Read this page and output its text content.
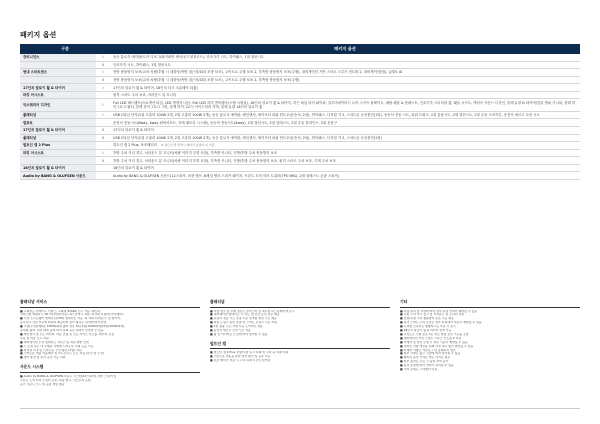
패키지 옵션
구분		패키지 옵션
컨비니언스	Ⅰ	동승 통로식 예약판(도어 디포그/와이퍼면 센서/공기청정모드), 인조가죽 시트, 하이패스, 1열 열선시트
	Ⅱ	인조가죽 시트, 하이패스, 1열 열선시트
현대 스마트센스	Ⅰ	전방 충돌방지 보조(교차 차량/추월 시 대향차/측방 접근차/회피 조향 보조), 고속도로 주행 보조 2, 후측방 충돌방지 보조(주행), 내비게이션 기반 스마트 크루즈 컨트롤 2, 내비게이션(맵), 클레오 AI
	Ⅱ	전방 충돌방지 보조(교차 차량/추월 시 대향차/측방 접근차/회피 조향 보조), 고속도로 주행 보조 2, 후측방 충돌방지 보조(주행)
17인치 알로이 휠 & 타이어	Ⅰ	17인치 알로이 휠 & 타이어, 18인치 다크 크롬메이크(휠)
파킹 어시스트		원격 스마트 주차 보조, 서라운드 뷰 모니터
익스테리어 디자인	Ⅰ	Full LED 헤드램프(프로젝션 타입, LED 방향지시등), Full LED 리어 콤비램프(스텝 시퀀셜), 18인치 알로이 휠 & 타이어, 히든 타입 리어 와이퍼, 일루미네이티드 도어 스커프 플레이트, 메탈 페달 & 풋레스트, 인조가죽 스티어링 휠, 패들 시프트, 액티브 사운드 디자인, 블랙 유광 D 타이어/앞뒤 범퍼 가니쉬, 블랙 하이그로시 필러, 블랙 하이그로시 그릴, 블랙 하이그로시 사이드미러 커버, 블랙 유광 18인치 알로이 휠
플래티넘	Ⅰ	USB C타입 단자(1열 고출력 100W 2개, 2열 고출력 100W 2개), 동승 통로식 예약판, 레인센서, 세이프티 파워 윈도우(동승석, 2열), 하이패스, 디지털 키 2, 스마트폰 무선충전(1열), 동승석 전동 시트, 파워 트렁크, 1열 통풍시트, 2열 열선시트, 2열 수동 도어커튼, 운전석 에르고 모션 시트
컴포트		운전석 전동시트(8way, 4way 럼버서포트, 자세 메모리 시스템), 동승석 전동시트(4way), 2열 열선시트, 2열 암레스트, 2열 수동 블라인드, 2열 송풍구
17인치 알로이 휠 & 타이어	Ⅱ	17인치 알로이 휠 & 타이어
플래티넘	Ⅱ	USB C타입 단자(1열 고출력 100W 2개, 2열 고출력 100W 2개), 동승 통로식 예약판, 레인센서, 세이프티 파워 윈도우(동승석, 2열), 하이패스, 디지털 키 2, 스마트폰 무선충전(1열)
빌트인 캠 2 Plus		빌트인 캠 2 Plus, 보조배터리 ※ 빌트인 캠 선택시 배터리 용량이 더 커짐
파킹 어시스트	Ⅰ	후방 주차 거리 경고, 서라운드 뷰 모니터(차량 이미지 투명 포함), 후측방 모니터, 전방/후방 주차 충돌방지 보조
	Ⅱ	후방 주차 거리 경고, 서라운드 뷰 모니터(차량 이미지 투명 포함), 후측방 모니터, 전방/후방 주차 충돌방지 보조, 원격 스마트 주차 보조, 기계 주차 보조
18인치 알로이 휠 & 타이어		18인치 알로이 휠 & 타이어
Audio by BANG & OLUFSEN 사운드		Audio by BANG & OLUFSEN 사운드(12스피커, 외장 앰프, 8채널 센터 스피커 패키지, 프론트 도어 미러 트위터(TPO IMG), 2열 암레스트 콘솔 스피커)
플래티넘 서비스
■ 고해상도 커넥티드 서비스, 고화질 STARS 모드 가능, 레인지,
서비스의 업데이트 3D 미디어(어라운드뷰) 선택시 지원, 미국의 지원(한국어/영어)
■ 무상 소프트웨어 업데이트(OTA) 업데이트 가능, 최 적의 디렉토리, 및 알리미,
블루링크 가입 이후에 한하여 제공되며 일부 항목은 위성에 따라 한정
■ 직결(무선)(제외), 100W(최대 출력 전류 5A) 1열(100W/2개)/2열(100W/2개)
장치의 출력, 전력 배정 등에 따라 실제 공급 전력이 달라질 수 있음
■ 레인센서 및 오토 와이퍼, 자동 조명 및 오토 라이트 컨트롤, 레이저 보정
수동 및 자동 모드 지원
■ 내비게이션 무선 업데이트 서비스 및 지원 방법 안내
■ 무 조정 혹은 내 주행을 가볍게 느끼도록 주행 도움 기능
■ 디지털 키 2 및 스마트폰 무선 충전 (1열) 지원
■ 스마트폰 애플 카플레이 및 안드로이드 오토 지원 (유선 및 무선)
■ 예약 충전 및 원격 공조 기능 지원
사운드 시스템
■ Audio by BANG & OLUFSEN 사운드 시스템(12스피커), 센터 스피커 및
프론트 도어 미러 트위터 포함, 외장 앰프, 서브우퍼 포함,
공간 사운드 모드 및 음장 세팅 제공
플래티넘
■ 차량 정보 및 주행 정보는 클러스터 및 헤드업 디스플레이에 표시
■ 내비게이션 업데이트 시 지도 및 안전 운전 정보 제공
■ 동승석 전동 시트 조정 기능 및 2열 열선 시트 제공
■ 파워 트렁크 높이 조절 및 스마트 트렁크 기능 지원
■ 1열 통풍 시트, 2열 수동 도어커튼 적용
■ 운전석 에르고 모션 시트 적용
■ 휠 및 타이어는 트림에 따라 상이할 수 있음
빌트인 캠
■ 빌트인 캠 2 Plus 전방/후방 동시 녹화 및 주차 중 녹화 지원
■ 스마트폰 연동을 통한 영상 확인 및 공유 가능
■ 보조 배터리 적용 시 주차 녹화 시간이 늘어남
기타
■ 차량 컬러 및 사양에 따라 일부 옵션 선택이 제한될 수 있음
■ 후방 주차 거리 경고 및 서라운드 뷰 모니터 지원
■ 전방/후방 주차 충돌방지 보조 기능 제공
■ 원격 스마트 주차 보조는 일부 환경에서 작동이 제한될 수 있음
■ 후측방 모니터는 방향지시등 작동 시 표시
■ 18인치 알로이 휠 & 타이어 선택 가능
■ 고속도로 주행 보조 2는 차로 변경 보조 기능을 포함
■ 내비게이션 기반 스마트 크루즈 컨트롤 2 적용
■ 카메라 및 센서 오염 시 일부 기능이 제한될 수 있음
■ 사양은 차량 개선을 위해 사전 예고 없이 변경될 수 있음
■ 자세한 사항은 카탈로그 및 홈페이지 참조
■ 일부 사양은 출고 시점에 따라 달라질 수 있음
■ 패키지 옵션 가격은 별도 가격표 참조
■ 일부 옵션은 트림 간 중복 선택 불가
■ 옵션 조합에 따라 연비가 달라질 수 있음
■ 기타 문의는 고객센터 이용
